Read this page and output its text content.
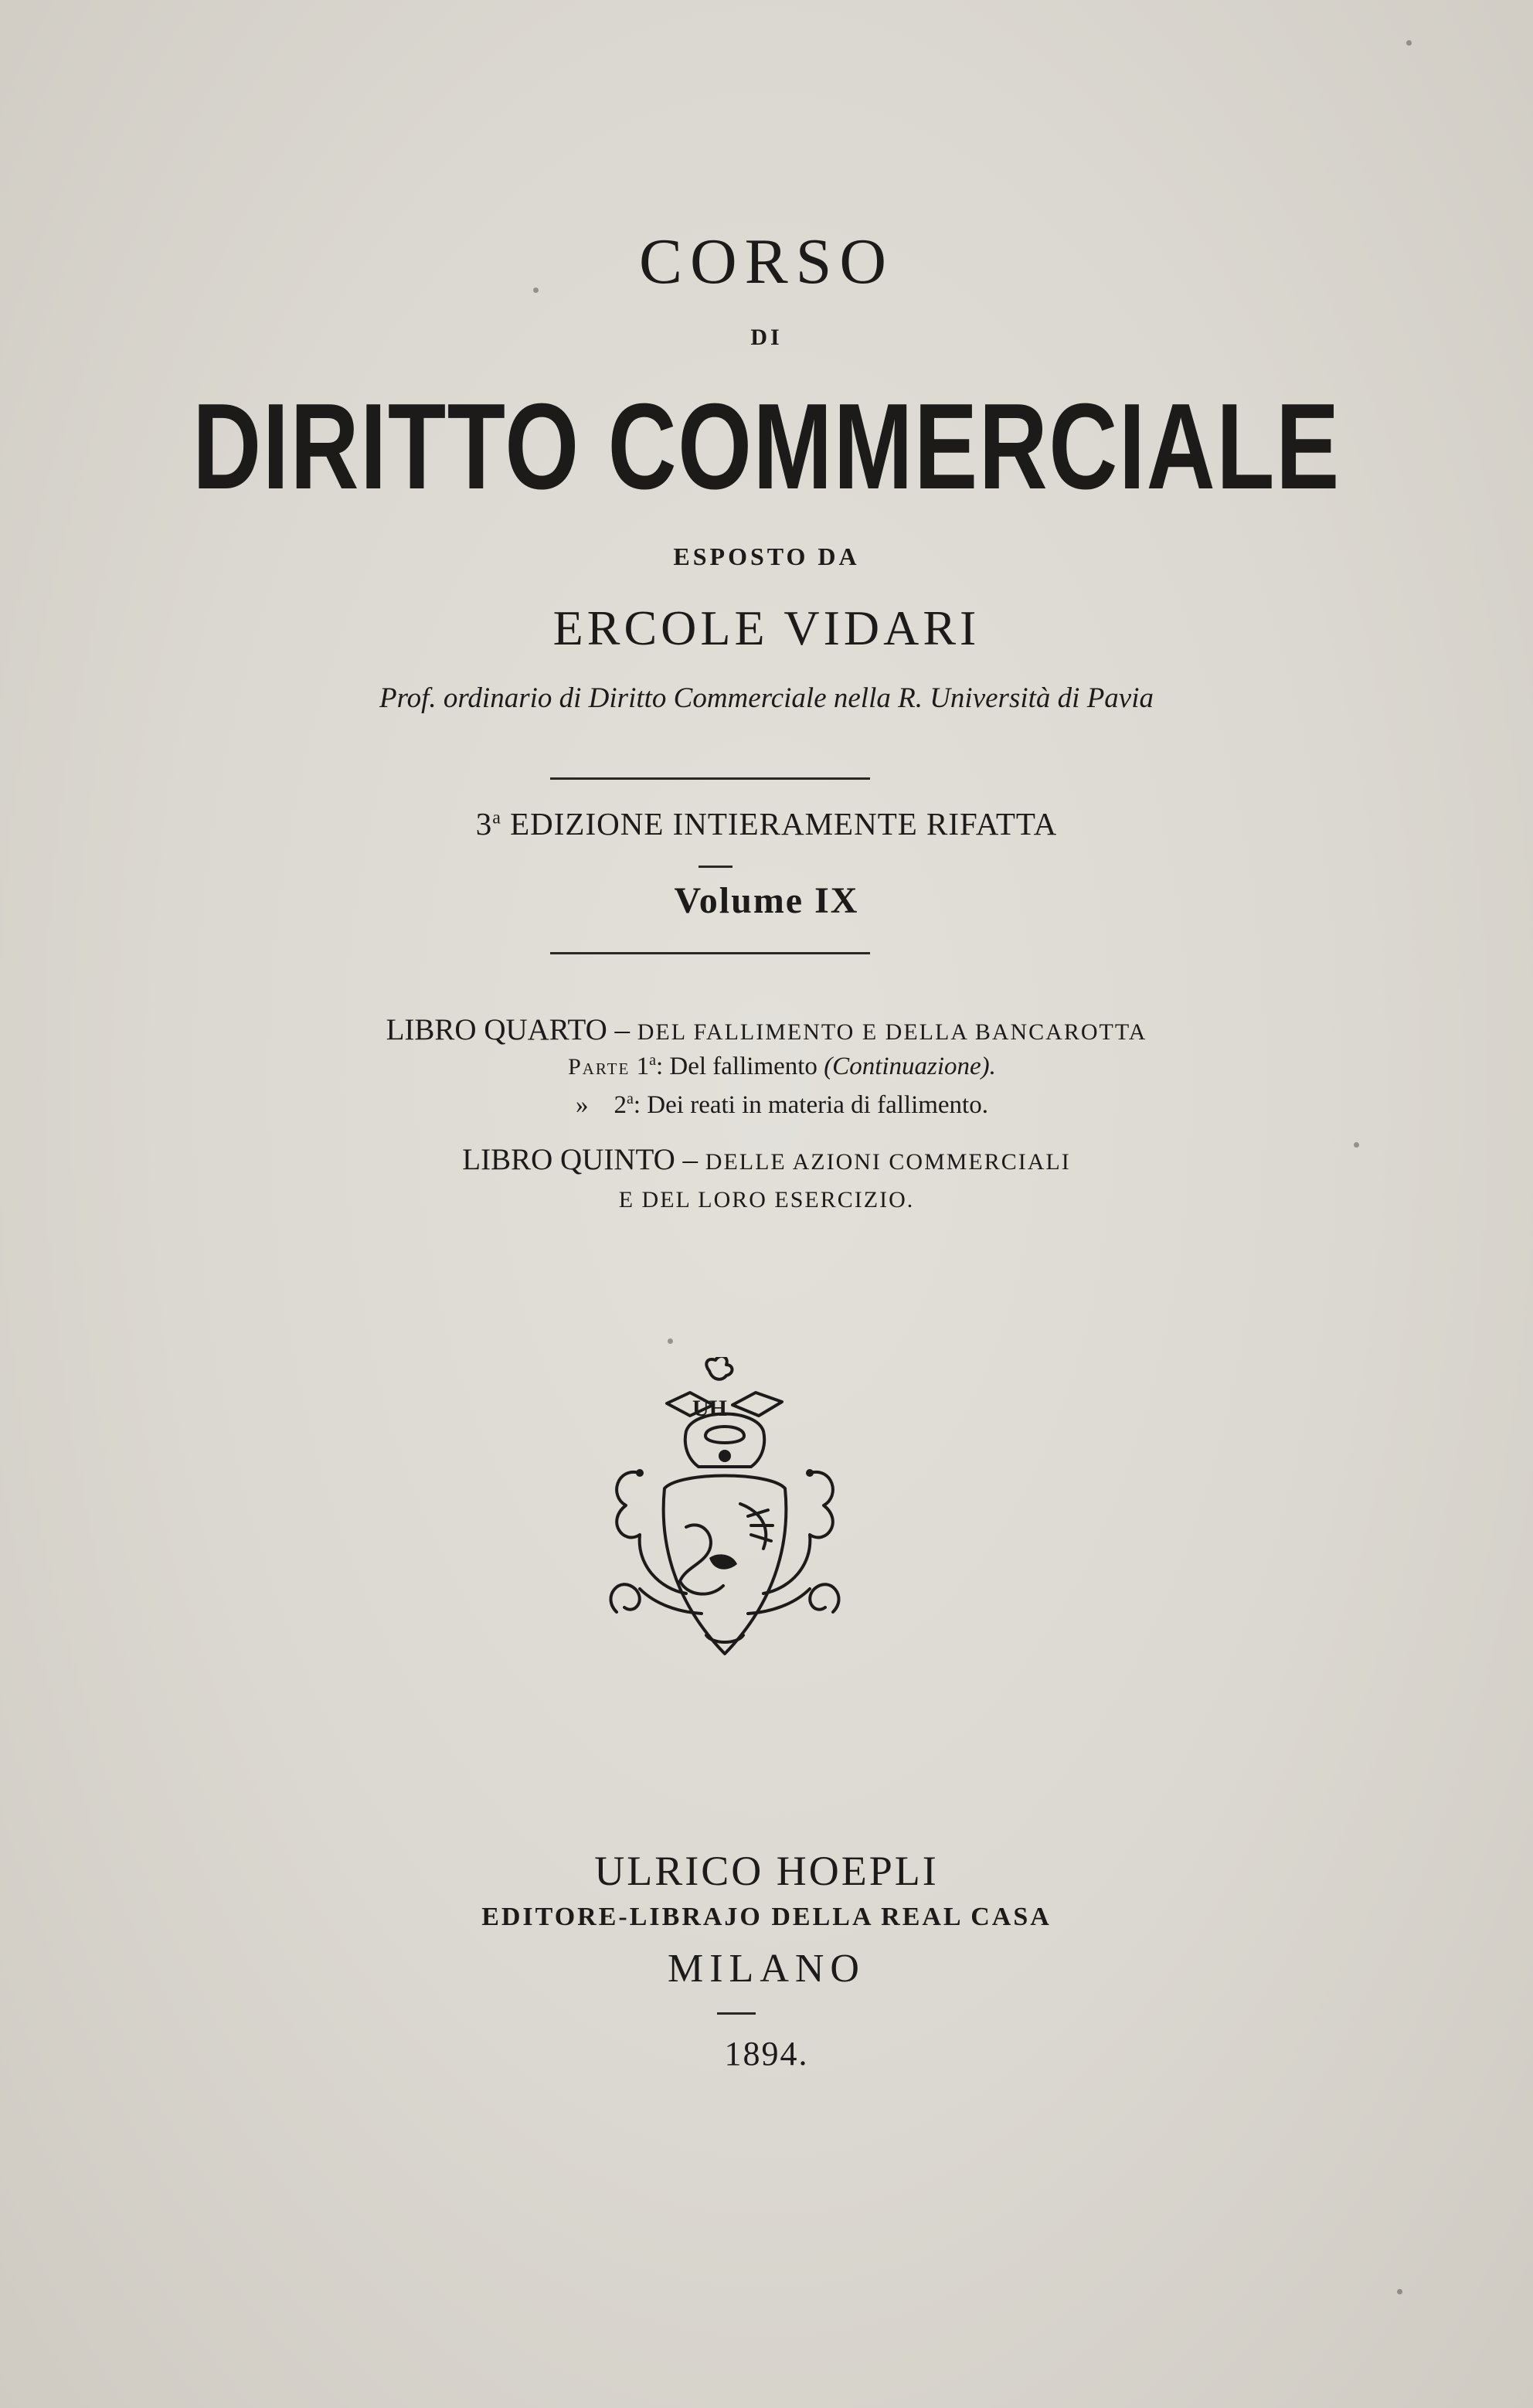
CORSO
DI
DIRITTO COMMERCIALE
ESPOSTO DA
ERCOLE VIDARI
Prof. ordinario di Diritto Commerciale nella R. Università di Pavia
3$^a$ EDIZIONE INTIERAMENTE RIFATTA
Volume IX
LIBRO QUARTO – DEL FALLIMENTO E DELLA BANCAROTTA
Parte 1$^a$: Del fallimento (Continuazione).
» 2$^a$: Dei reati in materia di fallimento.
LIBRO QUINTO – DELLE AZIONI COMMERCIALI
E DEL LORO ESERCIZIO.
UH
ULRICO HOEPLI
EDITORE-LIBRAJO DELLA REAL CASA
MILANO
1894.
